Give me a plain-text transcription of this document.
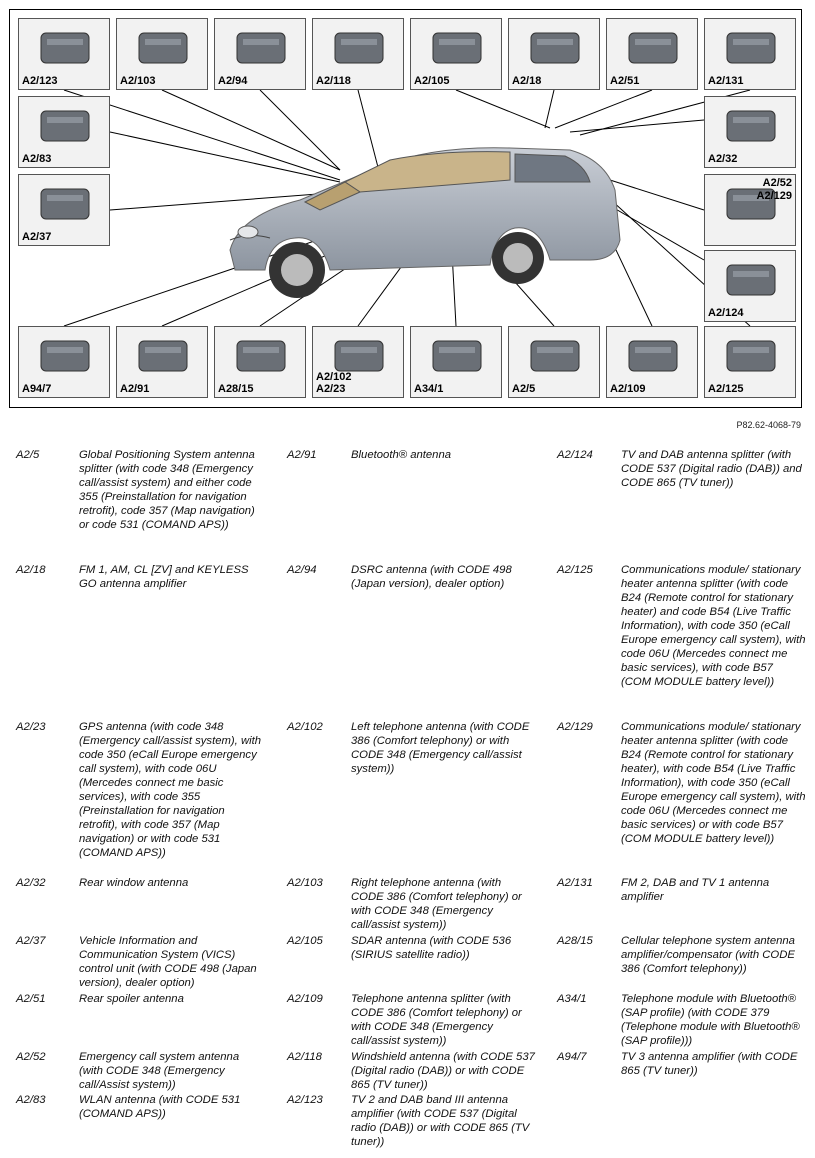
A2/123	A2/103	A2/94	A2/118	A2/105	A2/18	A2/51	A2/131
A2/83	A2/32
A2/37
A2/52
A2/129
A2/124
A94/7	A2/91	A28/15
A2/102
A2/23	A34/1	A2/5	A2/109	A2/125
P82.62-4068-79
A2/5	Global Positioning System antenna splitter (with code 348 (Emergency call/assist system) and either code 355 (Preinstallation for navigation retrofit), code 357 (Map navigation) or code 531 (COMAND APS))
A2/18	FM 1, AM, CL [ZV] and KEYLESS GO antenna amplifier
A2/23	GPS antenna (with code 348 (Emergency call/assist system), with code 350 (eCall Europe emergency call system), with code 06U (Mercedes connect me basic services), with code 355 (Preinstallation for navigation retrofit), with code 357 (Map navigation) or with code 531 (COMAND APS))
A2/32	Rear window antenna
A2/37	Vehicle Information and Communication System (VICS) control unit (with CODE 498 (Japan version), dealer option)
A2/51	Rear spoiler antenna
A2/52	Emergency call system antenna (with CODE 348 (Emergency call/Assist system))
A2/83	WLAN antenna (with CODE 531 (COMAND APS))
A2/91	Bluetooth® antenna
A2/94	DSRC antenna (with CODE 498 (Japan version), dealer option)
A2/102	Left telephone antenna (with CODE 386 (Comfort telephony) or with CODE 348 (Emergency call/assist system))
A2/103	Right telephone antenna (with CODE 386 (Comfort telephony) or with CODE 348 (Emergency call/assist system))
A2/105	SDAR antenna (with CODE 536 (SIRIUS satellite radio))
A2/109	Telephone antenna splitter (with CODE 386 (Comfort telephony) or with CODE 348 (Emergency call/assist system))
A2/118	Windshield antenna (with CODE 537 (Digital radio (DAB)) or with CODE 865 (TV tuner))
A2/123	TV 2 and DAB band III antenna amplifier (with CODE 537 (Digital radio (DAB)) or with CODE 865 (TV tuner))
A2/124	TV and DAB antenna splitter (with CODE 537 (Digital radio (DAB)) and CODE 865 (TV tuner))
A2/125	Communications module/ stationary heater antenna splitter (with code B24 (Remote control for stationary heater) and code B54 (Live Traffic Information), with code 350 (eCall Europe emergency call system), with code 06U (Mercedes connect me basic services), with code B57 (COM MODULE battery level))
A2/129	Communications module/ stationary heater antenna splitter (with code B24 (Remote control for stationary heater), with code B54 (Live Traffic Information), with code 350 (eCall Europe emergency call system), with code 06U (Mercedes connect me basic services) or with code B57 (COM MODULE battery level))
A2/131	FM 2, DAB and TV 1 antenna amplifier
A28/15	Cellular telephone system antenna amplifier/compensator (with CODE 386 (Comfort telephony))
A34/1	Telephone module with Bluetooth® (SAP profile) (with CODE 379 (Telephone module with Bluetooth® (SAP profile)))
A94/7	TV 3 antenna amplifier (with CODE 865 (TV tuner))
